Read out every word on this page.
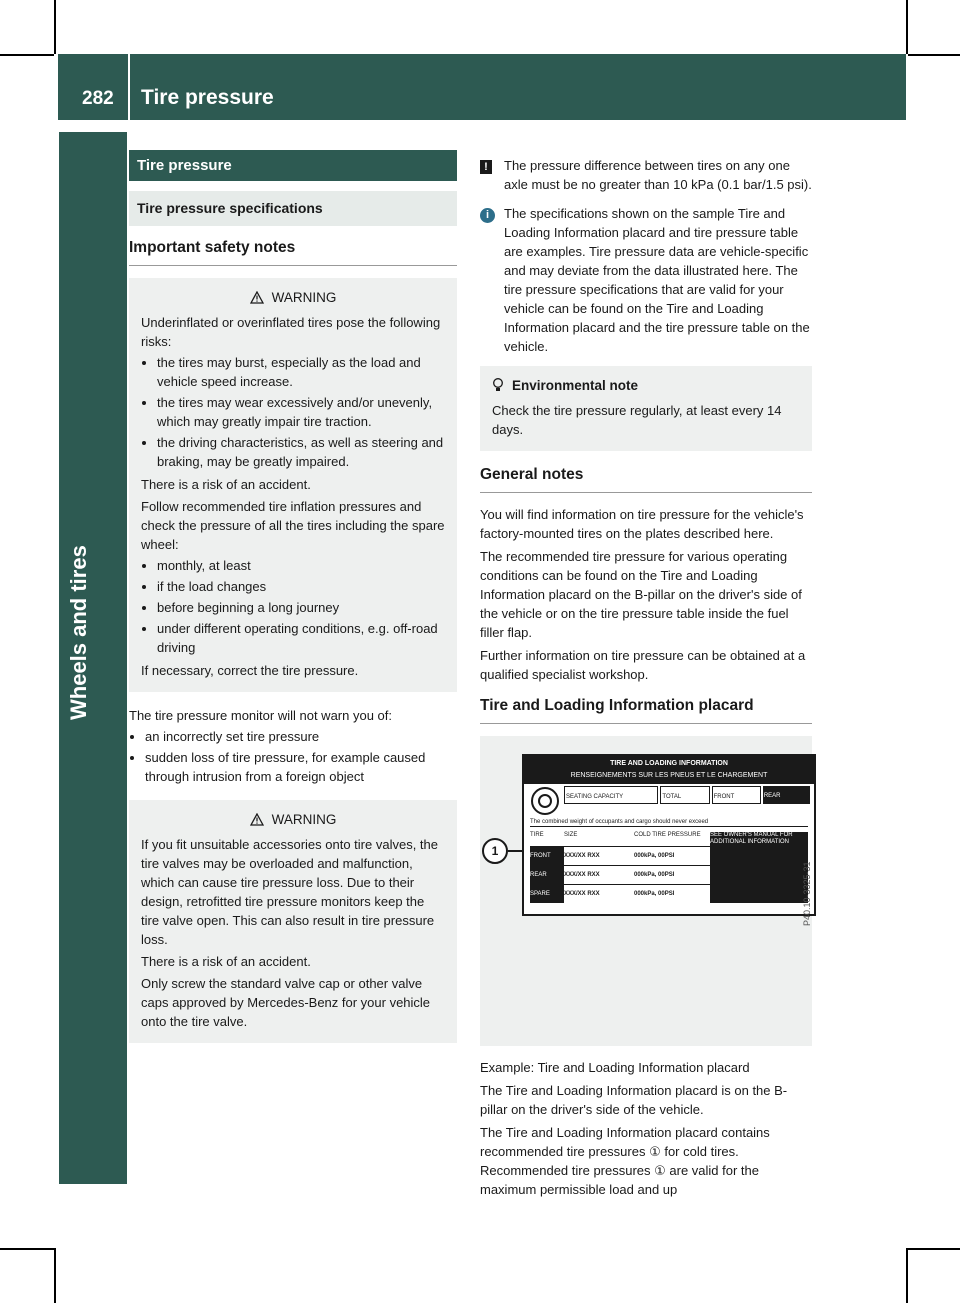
282 Tire pressure
Tire pressure
Tire pressure specifications
Important safety notes
WARNING

Underinflated or overinflated tires pose the following risks:

• the tires may burst, especially as the load and vehicle speed increase.
• the tires may wear excessively and/or unevenly, which may greatly impair tire traction.
• the driving characteristics, as well as steering and braking, may be greatly impaired.

There is a risk of an accident.

Follow recommended tire inflation pressures and check the pressure of all the tires including the spare wheel:

• monthly, at least
• if the load changes
• before beginning a long journey
• under different operating conditions, e.g. off-road driving

If necessary, correct the tire pressure.

The tire pressure monitor will not warn you of:

• an incorrectly set tire pressure
• sudden loss of tire pressure, for example caused through intrusion from a foreign object
WARNING

If you fit unsuitable accessories onto tire valves, the tire valves may be overloaded and malfunction, which can cause tire pressure loss. Due to their design, retrofitted tire pressure monitors keep the tire valve open. This can also result in tire pressure loss.

There is a risk of an accident.

Only screw the standard valve cap or other valve caps approved by Mercedes-Benz for your vehicle onto the tire valve.

!	The pressure difference between tires on any one axle must be no greater than 10 kPa (0.1 bar/1.5 psi).

i	The specifications shown on the sample Tire and Loading Information placard and tire pressure table are examples. Tire pressure data are vehicle-specific and may deviate from the data illustrated here. The tire pressure specifications that are valid for your vehicle can be found on the Tire and Loading Information placard and the tire pressure table on the vehicle.

Environmental note

Check the tire pressure regularly, at least every 14 days.

General notes

You will find information on tire pressure for the vehicle's factory-mounted tires on the plates described here.

The recommended tire pressure for various operating conditions can be found on the Tire and Loading Information placard on the B-pillar on the driver's side of the vehicle or on the tire pressure table inside the fuel filler flap.

Further information on tire pressure can be obtained at a qualified specialist workshop.

Tire and Loading Information placard
1
TIRE AND LOADING INFORMATION
RENSEIGNEMENTS SUR LES PNEUS ET LE CHARGEMENT
SEATING CAPACITY	TOTAL	FRONT	REAR
The combined weight of occupants and cargo should never exceed
TIRE	SIZE	COLD TIRE PRESSURE	SEE OWNER'S MANUAL FOR ADDITIONAL INFORMATION
FRONT	XXX/XX RXX	000kPa, 00PSI
REAR	XXX/XX RXX	000kPa, 00PSI
SPARE	XXX/XX RXX	000kPa, 00PSI	P40.10-3325-31

Example: Tire and Loading Information placard

The Tire and Loading Information placard is on the B-pillar on the driver's side of the vehicle.

The Tire and Loading Information placard contains recommended tire pressures ① for cold tires. Recommended tire pressures ① are valid for the maximum permissible load and up
